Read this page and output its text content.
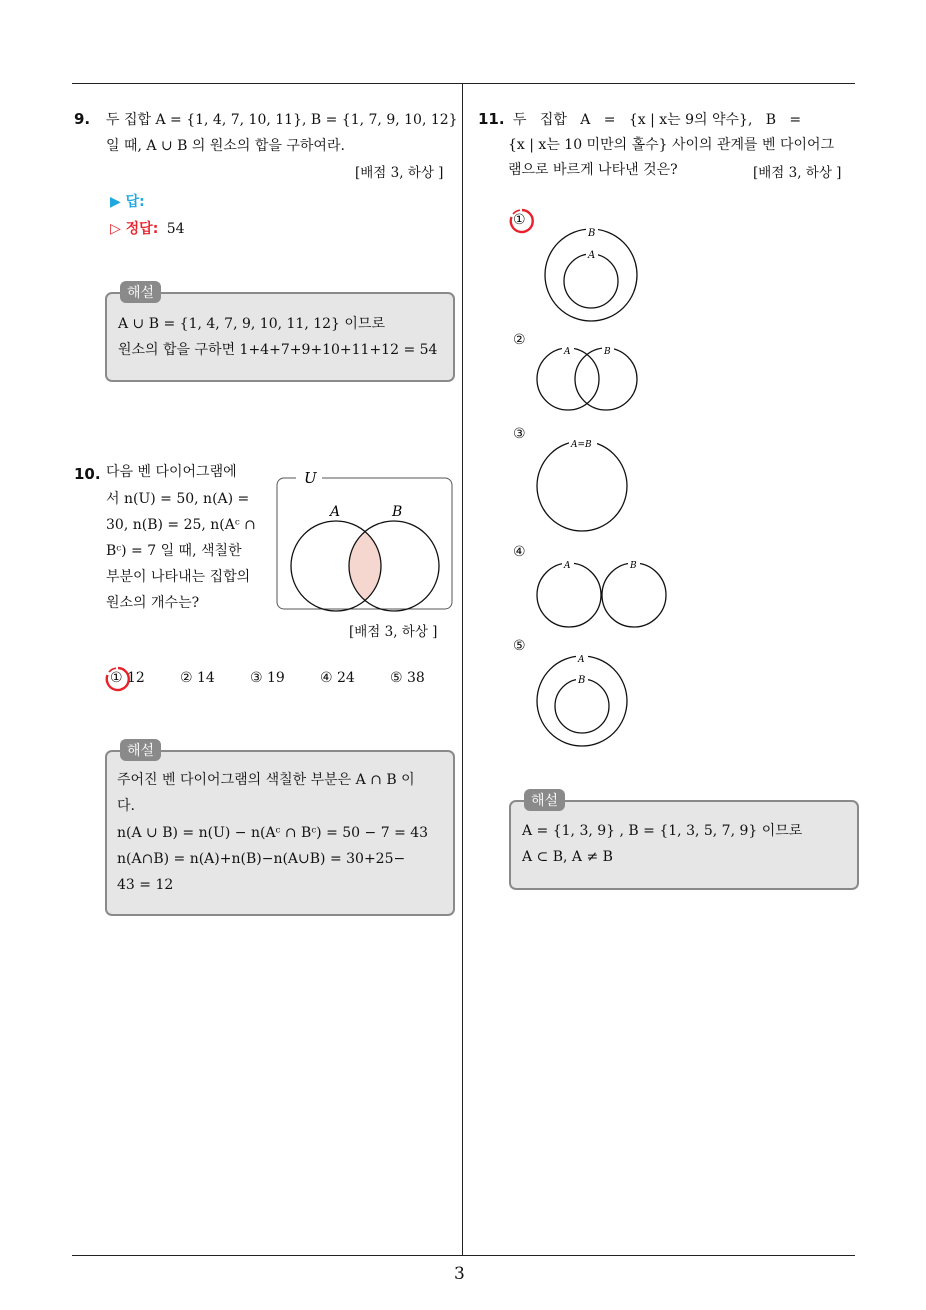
3
9. 두 집합 A = {1, 4, 7, 10, 11}, B = {1, 7, 9, 10, 12}
일 때, A ∪ B 의 원소의 합을 구하여라.
[배점 3, 하상 ]
▶ 답:
▷ 정답: 54
해설
A ∪ B = {1, 4, 7, 9, 10, 11, 12} 이므로
원소의 합을 구하면 1+4+7+9+10+11+12 = 54
10. 다음 벤 다이어그램에
서 n(U) = 50, n(A) =
30, n(B) = 25, n(Aᶜ ∩
Bᶜ) = 7 일 때, 색칠한
부분이 나타내는 집합의
원소의 개수는?
U
A	B
[배점 3, 하상 ]
① 12	② 14	③ 19	④ 24	⑤ 38
해설
주어진 벤 다이어그램의 색칠한 부분은 A ∩ B 이
다.
n(A ∪ B) = n(U) − n(Aᶜ ∩ Bᶜ) = 50 − 7 = 43
n(A∩B) = n(A)+n(B)−n(A∪B) = 30+25−
43 = 12
11. 두   집합   A   =   {x | x는 9의 약수},   B   =
{x | x는 10 미만의 홀수} 사이의 관계를 벤 다이어그
램으로 바르게 나타낸 것은?	[배점 3, 하상 ]
①
B
A
②
A	B
③
A=B
④
A	B
⑤
A
B
해설
A = {1, 3, 9} , B = {1, 3, 5, 7, 9} 이므로
A ⊂ B, A ≠ B
